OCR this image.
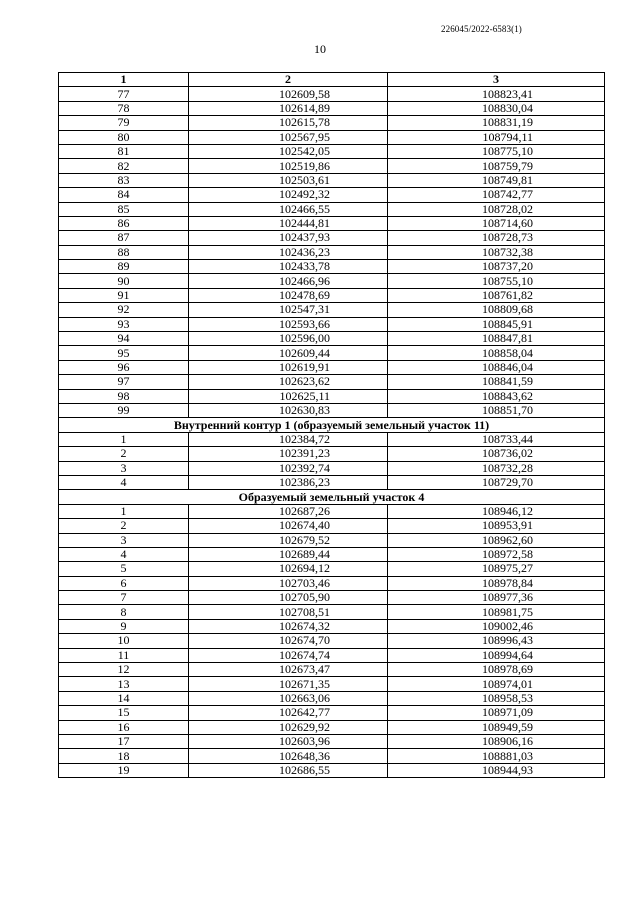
226045/2022-6583(1)
10
1	2	3
77	102609,58	108823,41
78	102614,89	108830,04
79	102615,78	108831,19
80	102567,95	108794,11
81	102542,05	108775,10
82	102519,86	108759,79
83	102503,61	108749,81
84	102492,32	108742,77
85	102466,55	108728,02
86	102444,81	108714,60
87	102437,93	108728,73
88	102436,23	108732,38
89	102433,78	108737,20
90	102466,96	108755,10
91	102478,69	108761,82
92	102547,31	108809,68
93	102593,66	108845,91
94	102596,00	108847,81
95	102609,44	108858,04
96	102619,91	108846,04
97	102623,62	108841,59
98	102625,11	108843,62
99	102630,83	108851,70
Внутренний контур 1 (образуемый земельный участок 11)		
1	102384,72	108733,44
2	102391,23	108736,02
3	102392,74	108732,28
4	102386,23	108729,70
Образуемый земельный участок 4		
1	102687,26	108946,12
2	102674,40	108953,91
3	102679,52	108962,60
4	102689,44	108972,58
5	102694,12	108975,27
6	102703,46	108978,84
7	102705,90	108977,36
8	102708,51	108981,75
9	102674,32	109002,46
10	102674,70	108996,43
11	102674,74	108994,64
12	102673,47	108978,69
13	102671,35	108974,01
14	102663,06	108958,53
15	102642,77	108971,09
16	102629,92	108949,59
17	102603,96	108906,16
18	102648,36	108881,03
19	102686,55	108944,93
